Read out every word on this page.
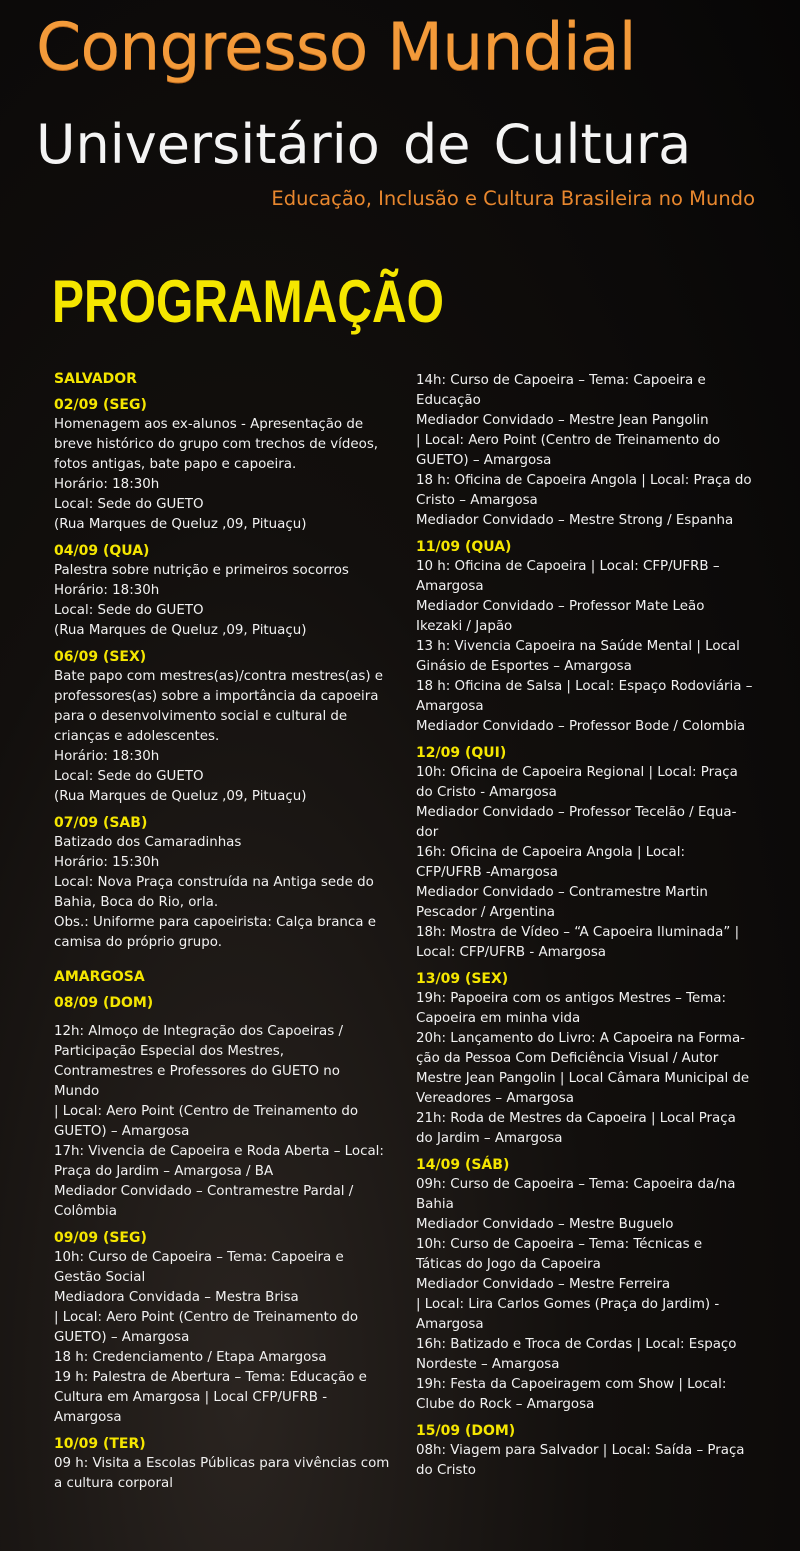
Congresso Mundial
Universitário de Cultura
Educação, Inclusão e Cultura Brasileira no Mundo
PROGRAMAÇÃO
SALVADOR
02/09 (SEG)
Homenagem aos ex-alunos - Apresentação de
breve histórico do grupo com trechos de vídeos,
fotos antigas, bate papo e capoeira.
Horário: 18:30h
Local: Sede do GUETO
(Rua Marques de Queluz ,09, Pituaçu)
04/09 (QUA)
Palestra sobre nutrição e primeiros socorros
Horário: 18:30h
Local: Sede do GUETO
(Rua Marques de Queluz ,09, Pituaçu)
06/09 (SEX)
Bate papo com mestres(as)/contra mestres(as) e
professores(as) sobre a importância da capoeira
para o desenvolvimento social e cultural de
crianças e adolescentes.
Horário: 18:30h
Local: Sede do GUETO
(Rua Marques de Queluz ,09, Pituaçu)
07/09 (SAB)
Batizado dos Camaradinhas
Horário: 15:30h
Local: Nova Praça construída na Antiga sede do
Bahia, Boca do Rio, orla.
Obs.: Uniforme para capoeirista: Calça branca e
camisa do próprio grupo.
AMARGOSA
08/09 (DOM)
12h: Almoço de Integração dos Capoeiras /
Participação Especial dos Mestres,
Contramestres e Professores do GUETO no
Mundo
| Local: Aero Point (Centro de Treinamento do
GUETO) – Amargosa
17h: Vivencia de Capoeira e Roda Aberta – Local:
Praça do Jardim – Amargosa / BA
Mediador Convidado – Contramestre Pardal /
Colômbia
09/09 (SEG)
10h: Curso de Capoeira – Tema: Capoeira e
Gestão Social
Mediadora Convidada – Mestra Brisa
| Local: Aero Point (Centro de Treinamento do
GUETO) – Amargosa
18 h: Credenciamento / Etapa Amargosa
19 h: Palestra de Abertura – Tema: Educação e
Cultura em Amargosa | Local CFP/UFRB -
Amargosa
10/09 (TER)
09 h: Visita a Escolas Públicas para vivências com
a cultura corporal
14h: Curso de Capoeira – Tema: Capoeira e
Educação
Mediador Convidado – Mestre Jean Pangolin
| Local: Aero Point (Centro de Treinamento do
GUETO) – Amargosa
18 h: Oficina de Capoeira Angola | Local: Praça do
Cristo – Amargosa
Mediador Convidado – Mestre Strong / Espanha
11/09 (QUA)
10 h: Oficina de Capoeira | Local: CFP/UFRB –
Amargosa
Mediador Convidado – Professor Mate Leão
Ikezaki / Japão
13 h: Vivencia Capoeira na Saúde Mental | Local
Ginásio de Esportes – Amargosa
18 h: Oficina de Salsa | Local: Espaço Rodoviária –
Amargosa
Mediador Convidado – Professor Bode / Colombia
12/09 (QUI)
10h: Oficina de Capoeira Regional | Local: Praça
do Cristo - Amargosa
Mediador Convidado – Professor Tecelão / Equa-
dor
16h: Oficina de Capoeira Angola | Local:
CFP/UFRB -Amargosa
Mediador Convidado – Contramestre Martin
Pescador / Argentina
18h: Mostra de Vídeo – “A Capoeira Iluminada” |
Local: CFP/UFRB - Amargosa
13/09 (SEX)
19h: Papoeira com os antigos Mestres – Tema:
Capoeira em minha vida
20h: Lançamento do Livro: A Capoeira na Forma-
ção da Pessoa Com Deficiência Visual / Autor
Mestre Jean Pangolin | Local Câmara Municipal de
Vereadores – Amargosa
21h: Roda de Mestres da Capoeira | Local Praça
do Jardim – Amargosa
14/09 (SÁB)
09h: Curso de Capoeira – Tema: Capoeira da/na
Bahia
Mediador Convidado – Mestre Buguelo
10h: Curso de Capoeira – Tema: Técnicas e
Táticas do Jogo da Capoeira
Mediador Convidado – Mestre Ferreira
| Local: Lira Carlos Gomes (Praça do Jardim) -
Amargosa
16h: Batizado e Troca de Cordas | Local: Espaço
Nordeste – Amargosa
19h: Festa da Capoeiragem com Show | Local:
Clube do Rock – Amargosa
15/09 (DOM)
08h: Viagem para Salvador | Local: Saída – Praça
do Cristo
